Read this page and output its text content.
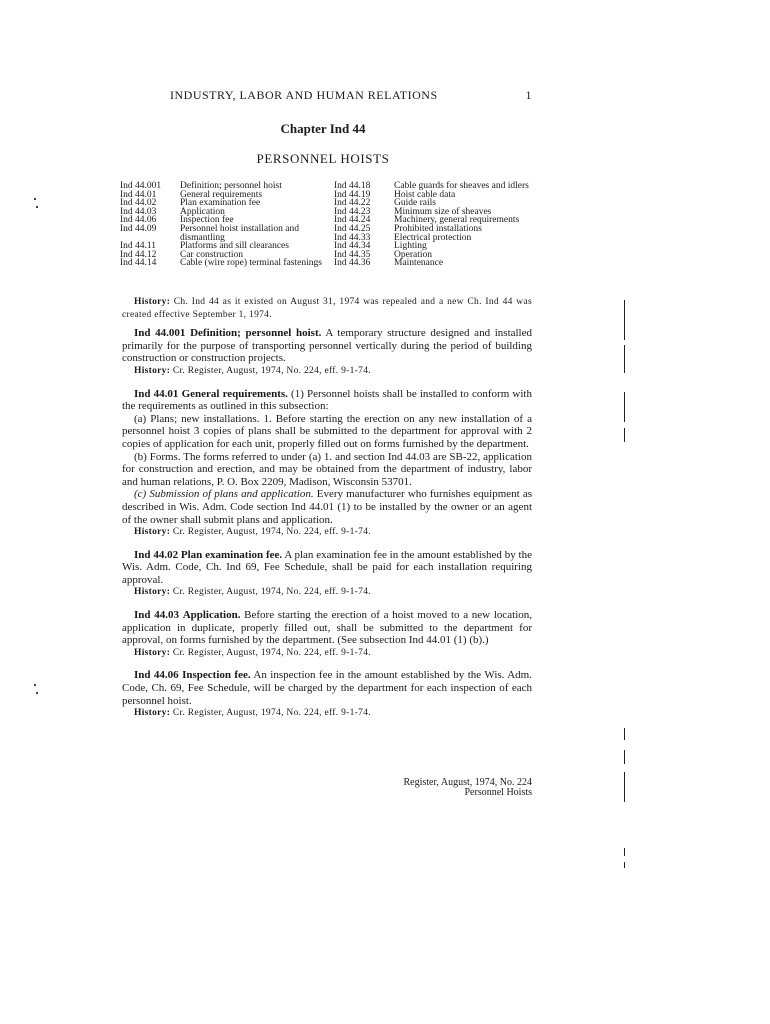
INDUSTRY, LABOR AND HUMAN RELATIONS	1
Chapter Ind 44
PERSONNEL HOISTS
Ind 44.001	Definition; personnel hoist
Ind 44.01	General requirements
Ind 44.02	Plan examination fee
Ind 44.03	Application
Ind 44.06	Inspection fee
Ind 44.09	Personnel hoist installation and dismantling
Ind 44.11	Platforms and sill clearances
Ind 44.12	Car construction
Ind 44.14	Cable (wire rope) terminal fastenings
Ind 44.18	Cable guards for sheaves and idlers
Ind 44.19	Hoist cable data
Ind 44.22	Guide rails
Ind 44.23	Minimum size of sheaves
Ind 44.24	Machinery, general requirements
Ind 44.25	Prohibited installations
Ind 44.33	Electrical protection
Ind 44.34	Lighting
Ind 44.35	Operation
Ind 44.36	Maintenance

History: Ch. Ind 44 as it existed on August 31, 1974 was repealed and a new Ch. Ind 44 was created effective September 1, 1974.

Ind 44.001 Definition; personnel hoist. A temporary structure designed and installed primarily for the purpose of transporting personnel vertically during the period of building construction or construction projects.

History: Cr. Register, August, 1974, No. 224, eff. 9-1-74.

Ind 44.01 General requirements. (1) Personnel hoists shall be installed to conform with the requirements as outlined in this subsection:

(a) Plans; new installations. 1. Before starting the erection on any new installation of a personnel hoist 3 copies of plans shall be submitted to the department for approval with 2 copies of application for each unit, properly filled out on forms furnished by the department.

(b) Forms. The forms referred to under (a) 1. and section Ind 44.03 are SB-22, application for construction and erection, and may be obtained from the department of industry, labor and human relations, P. O. Box 2209, Madison, Wisconsin 53701.

(c) Submission of plans and application. Every manufacturer who furnishes equipment as described in Wis. Adm. Code section Ind 44.01 (1) to be installed by the owner or an agent of the owner shall submit plans and application.

History: Cr. Register, August, 1974, No. 224, eff. 9-1-74.

Ind 44.02 Plan examination fee. A plan examination fee in the amount established by the Wis. Adm. Code, Ch. Ind 69, Fee Schedule, shall be paid for each installation requiring approval.

History: Cr. Register, August, 1974, No. 224, eff. 9-1-74.

Ind 44.03 Application. Before starting the erection of a hoist moved to a new location, application in duplicate, properly filled out, shall be submitted to the department for approval, on forms furnished by the department. (See subsection Ind 44.01 (1) (b).)

History: Cr. Register, August, 1974, No. 224, eff. 9-1-74.

Ind 44.06 Inspection fee. An inspection fee in the amount established by the Wis. Adm. Code, Ch. 69, Fee Schedule, will be charged by the department for each inspection of each personnel hoist.

History: Cr. Register, August, 1974, No. 224, eff. 9-1-74.

Register, August, 1974, No. 224
Personnel Hoists
